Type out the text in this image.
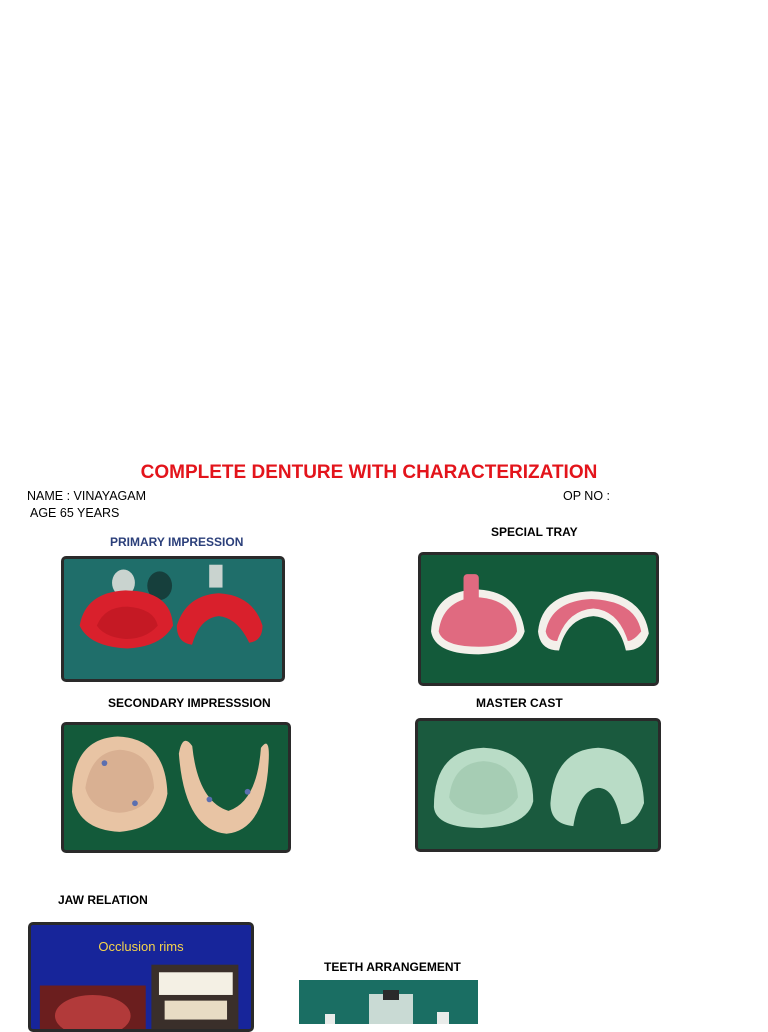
COMPLETE DENTURE WITH CHARACTERIZATION
NAME : VINAYAGAM
AGE 65 YEARS
OP NO :
PRIMARY IMPRESSION
SPECIAL TRAY
SECONDARY IMPRESSSION	MASTER CAST
JAW RELATION
Occlusion rims
TEETH ARRANGEMENT
